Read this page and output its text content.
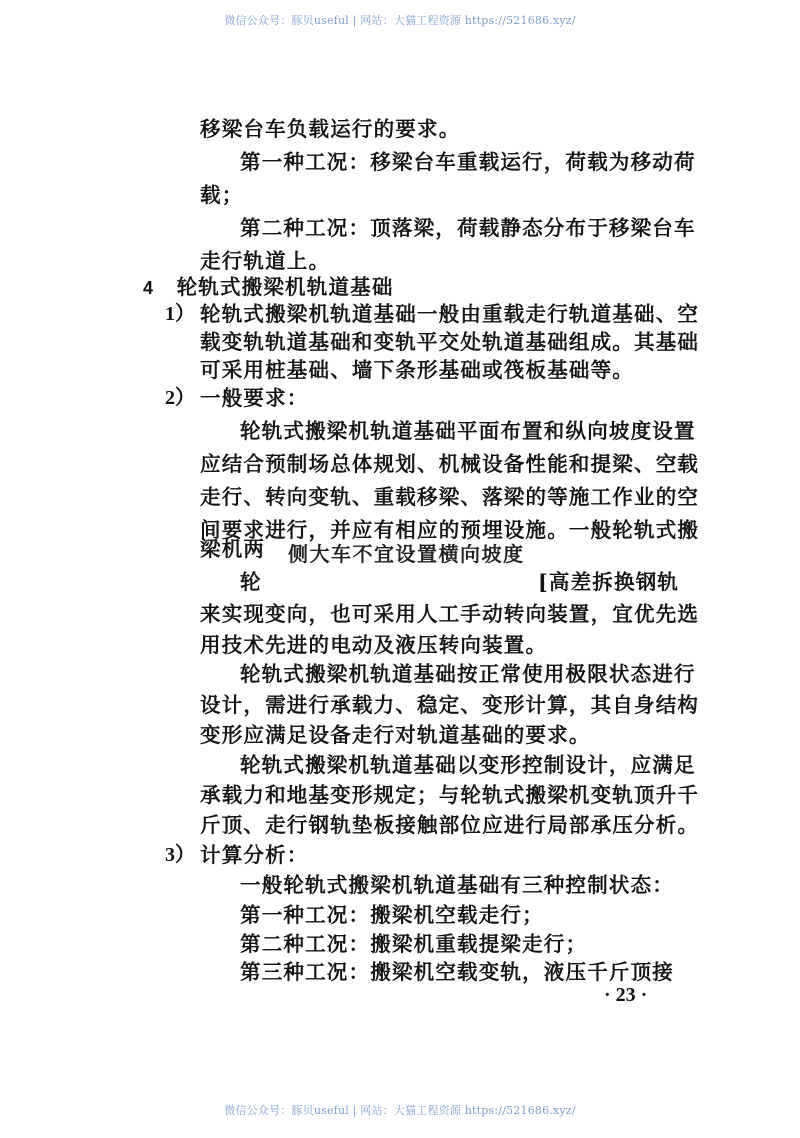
微信公众号：豚贝useful | 网站：大猫工程资源 https://521686.xyz/
移梁台车负载运行的要求。
第一种工况：移梁台车重载运行，荷载为移动荷
载；
第二种工况：顶落梁，荷载静态分布于移梁台车
走行轨道上。
4 轮轨式搬梁机轨道基础
1） 轮轨式搬梁机轨道基础一般由重载走行轨道基础、空
载变轨轨道基础和变轨平交处轨道基础组成。其基础
可采用桩基础、墙下条形基础或筏板基础等。
2） 一般要求：
轮轨式搬梁机轨道基础平面布置和纵向坡度设置
应结合预制场总体规划、机械设备性能和提梁、空载
走行、转向变轨、重载移梁、落梁的等施工作业的空
间要求进行，并应有相应的预埋设施。一般轮轨式搬
梁机两 侧大车不宜设置横向坡度
轮	[高差拆换钢轨
来实现变向，也可采用人工手动转向装置，宜优先选
用技术先进的电动及液压转向装置。
轮轨式搬梁机轨道基础按正常使用极限状态进行
设计，需进行承载力、稳定、变形计算，其自身结构
变形应满足设备走行对轨道基础的要求。
轮轨式搬梁机轨道基础以变形控制设计，应满足
承载力和地基变形规定；与轮轨式搬梁机变轨顶升千
斤顶、走行钢轨垫板接触部位应进行局部承压分析。
3） 计算分析：
一般轮轨式搬梁机轨道基础有三种控制状态：
第一种工况：搬梁机空载走行；
第二种工况：搬梁机重载提梁走行；
第三种工况：搬梁机空载变轨，液压千斤顶接
· 23 ·
微信公众号：豚贝useful | 网站：大猫工程资源 https://521686.xyz/
